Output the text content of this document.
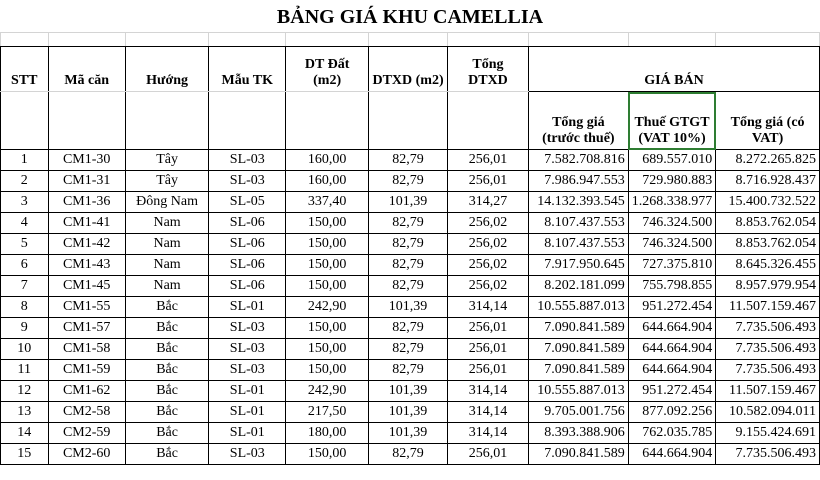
BẢNG GIÁ KHU CAMELLIA

STT	Mã căn	Hướng	Mẫu TK	DT Đất (m2)	DTXD (m2)	Tổng DTXD	GIÁ BÁN		
							Tổng giá (trước thuế)	Thuế GTGT (VAT 10%)	Tổng giá (có VAT)
1	CM1-30	Tây	SL-03	160,00	82,79	256,01	7.582.708.816	689.557.010	8.272.265.825
2	CM1-31	Tây	SL-03	160,00	82,79	256,01	7.986.947.553	729.980.883	8.716.928.437
3	CM1-36	Đông Nam	SL-05	337,40	101,39	314,27	14.132.393.545	1.268.338.977	15.400.732.522
4	CM1-41	Nam	SL-06	150,00	82,79	256,02	8.107.437.553	746.324.500	8.853.762.054
5	CM1-42	Nam	SL-06	150,00	82,79	256,02	8.107.437.553	746.324.500	8.853.762.054
6	CM1-43	Nam	SL-06	150,00	82,79	256,02	7.917.950.645	727.375.810	8.645.326.455
7	CM1-45	Nam	SL-06	150,00	82,79	256,02	8.202.181.099	755.798.855	8.957.979.954
8	CM1-55	Bắc	SL-01	242,90	101,39	314,14	10.555.887.013	951.272.454	11.507.159.467
9	CM1-57	Bắc	SL-03	150,00	82,79	256,01	7.090.841.589	644.664.904	7.735.506.493
10	CM1-58	Bắc	SL-03	150,00	82,79	256,01	7.090.841.589	644.664.904	7.735.506.493
11	CM1-59	Bắc	SL-03	150,00	82,79	256,01	7.090.841.589	644.664.904	7.735.506.493
12	CM1-62	Bắc	SL-01	242,90	101,39	314,14	10.555.887.013	951.272.454	11.507.159.467
13	CM2-58	Bắc	SL-01	217,50	101,39	314,14	9.705.001.756	877.092.256	10.582.094.011
14	CM2-59	Bắc	SL-01	180,00	101,39	314,14	8.393.388.906	762.035.785	9.155.424.691
15	CM2-60	Bắc	SL-03	150,00	82,79	256,01	7.090.841.589	644.664.904	7.735.506.493
